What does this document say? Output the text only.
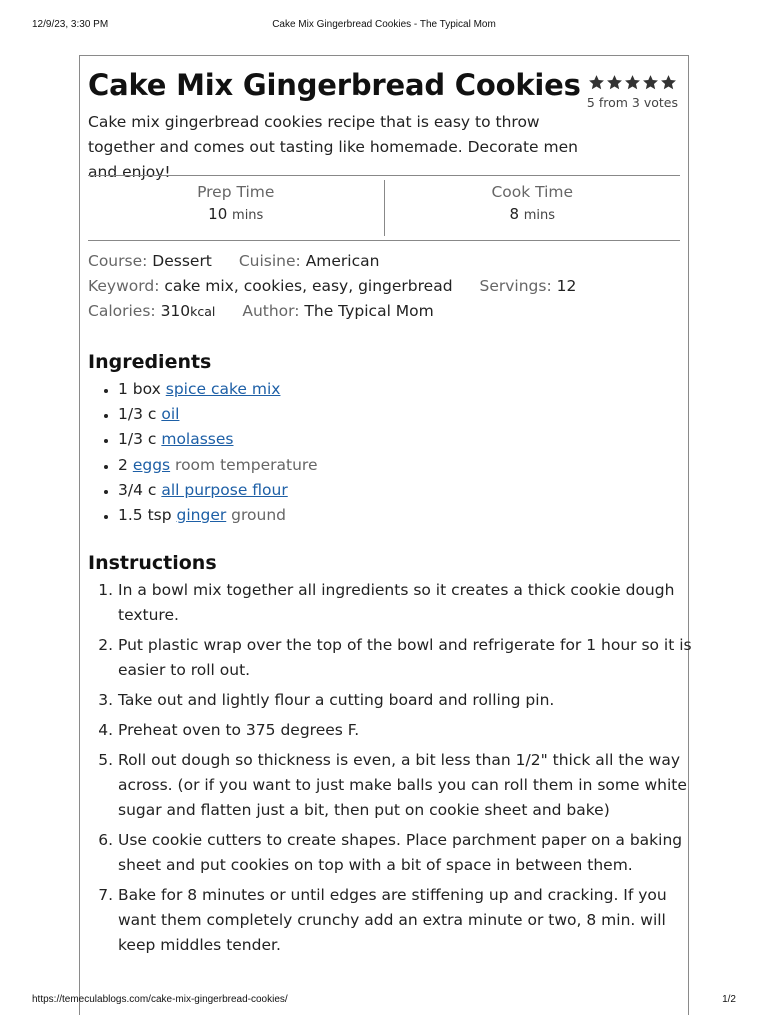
12/9/23, 3:30 PM	Cake Mix Gingerbread Cookies - The Typical Mom
Cake Mix Gingerbread Cookies
5 from 3 votes

Cake mix gingerbread cookies recipe that is easy to throw together and comes out tasting like homemade. Decorate men and enjoy!

Prep Time
10 mins
Cook Time
8 mins
Course: Dessert Cuisine: American
Keyword: cake mix, cookies, easy, gingerbread Servings: 12
Calories: 310kcal Author: The Typical Mom
Ingredients
• 1 box spice cake mix
• 1/3 c oil
• 1/3 c molasses
• 2 eggs room temperature
• 3/4 c all purpose flour
• 1.5 tsp ginger ground
Instructions
1. In a bowl mix together all ingredients so it creates a thick cookie dough texture.
2. Put plastic wrap over the top of the bowl and refrigerate for 1 hour so it is easier to roll out.
3. Take out and lightly flour a cutting board and rolling pin.
4. Preheat oven to 375 degrees F.
5. Roll out dough so thickness is even, a bit less than 1/2" thick all the way across. (or if you want to just make balls you can roll them in some white sugar and flatten just a bit, then put on cookie sheet and bake)
6. Use cookie cutters to create shapes. Place parchment paper on a baking sheet and put cookies on top with a bit of space in between them.
7. Bake for 8 minutes or until edges are stiffening up and cracking. If you want them completely crunchy add an extra minute or two, 8 min. will keep middles tender.
https://temeculablogs.com/cake-mix-gingerbread-cookies/	1/2
